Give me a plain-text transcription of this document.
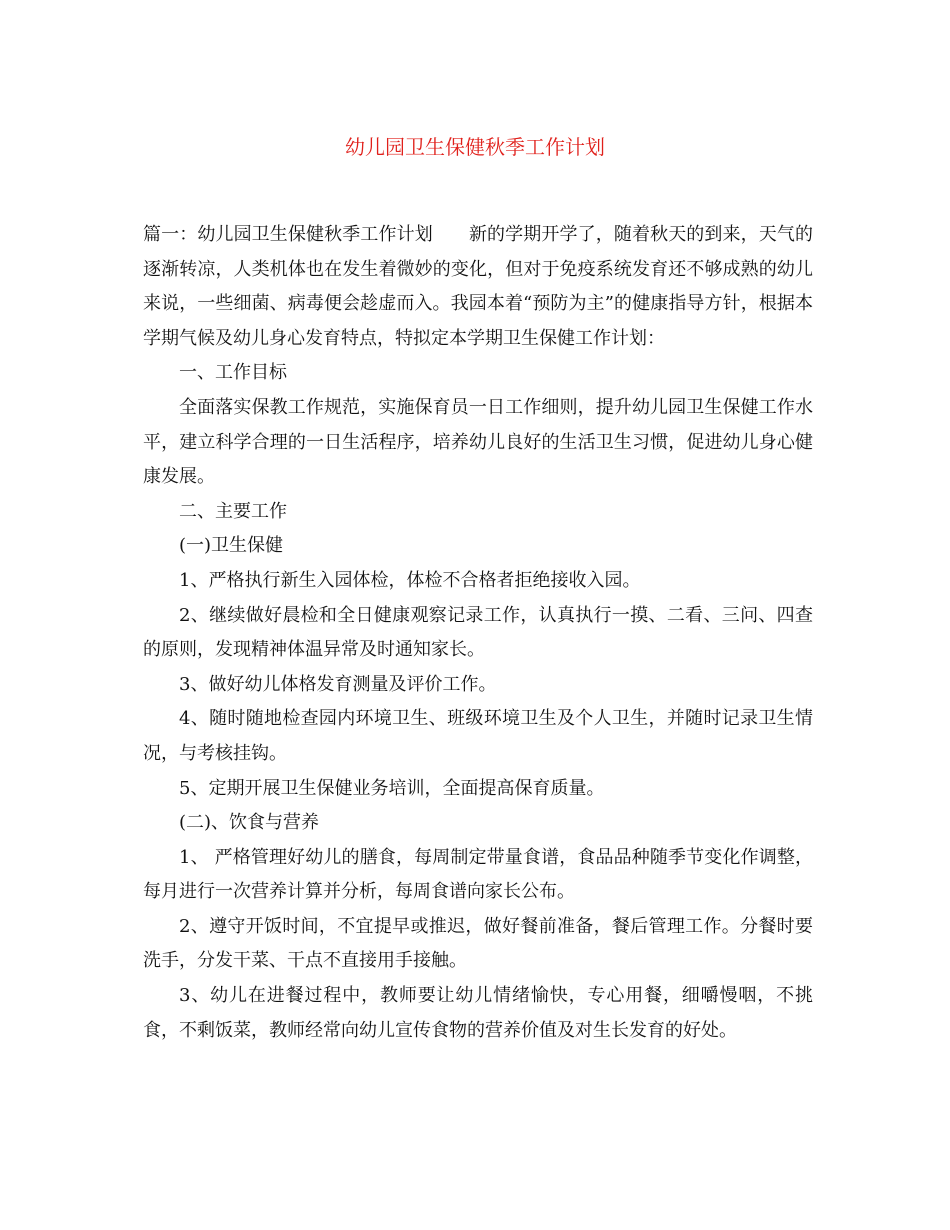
幼儿园卫生保健秋季工作计划

篇一：幼儿园卫生保健秋季工作计划 新的学期开学了，随着秋天的到来，天气的逐渐转凉，人类机体也在发生着微妙的变化，但对于免疫系统发育还不够成熟的幼儿来说，一些细菌、病毒便会趁虚而入。我园本着“预防为主”的健康指导方针，根据本学期气候及幼儿身心发育特点，特拟定本学期卫生保健工作计划：

一、工作目标

全面落实保教工作规范，实施保育员一日工作细则，提升幼儿园卫生保健工作水平，建立科学合理的一日生活程序，培养幼儿良好的生活卫生习惯，促进幼儿身心健康发展。

二、主要工作

(一)卫生保健

1、严格执行新生入园体检，体检不合格者拒绝接收入园。

2、继续做好晨检和全日健康观察记录工作，认真执行一摸、二看、三问、四查的原则，发现精神体温异常及时通知家长。

3、做好幼儿体格发育测量及评价工作。

4、随时随地检查园内环境卫生、班级环境卫生及个人卫生，并随时记录卫生情况，与考核挂钩。

5、定期开展卫生保健业务培训，全面提高保育质量。

(二)、饮食与营养

1、 严格管理好幼儿的膳食，每周制定带量食谱，食品品种随季节变化作调整，每月进行一次营养计算并分析，每周食谱向家长公布。

2、遵守开饭时间，不宜提早或推迟，做好餐前准备，餐后管理工作。分餐时要洗手，分发干菜、干点不直接用手接触。

3、幼儿在进餐过程中，教师要让幼儿情绪愉快，专心用餐，细嚼慢咽，不挑食，不剩饭菜，教师经常向幼儿宣传食物的营养价值及对生长发育的好处。
